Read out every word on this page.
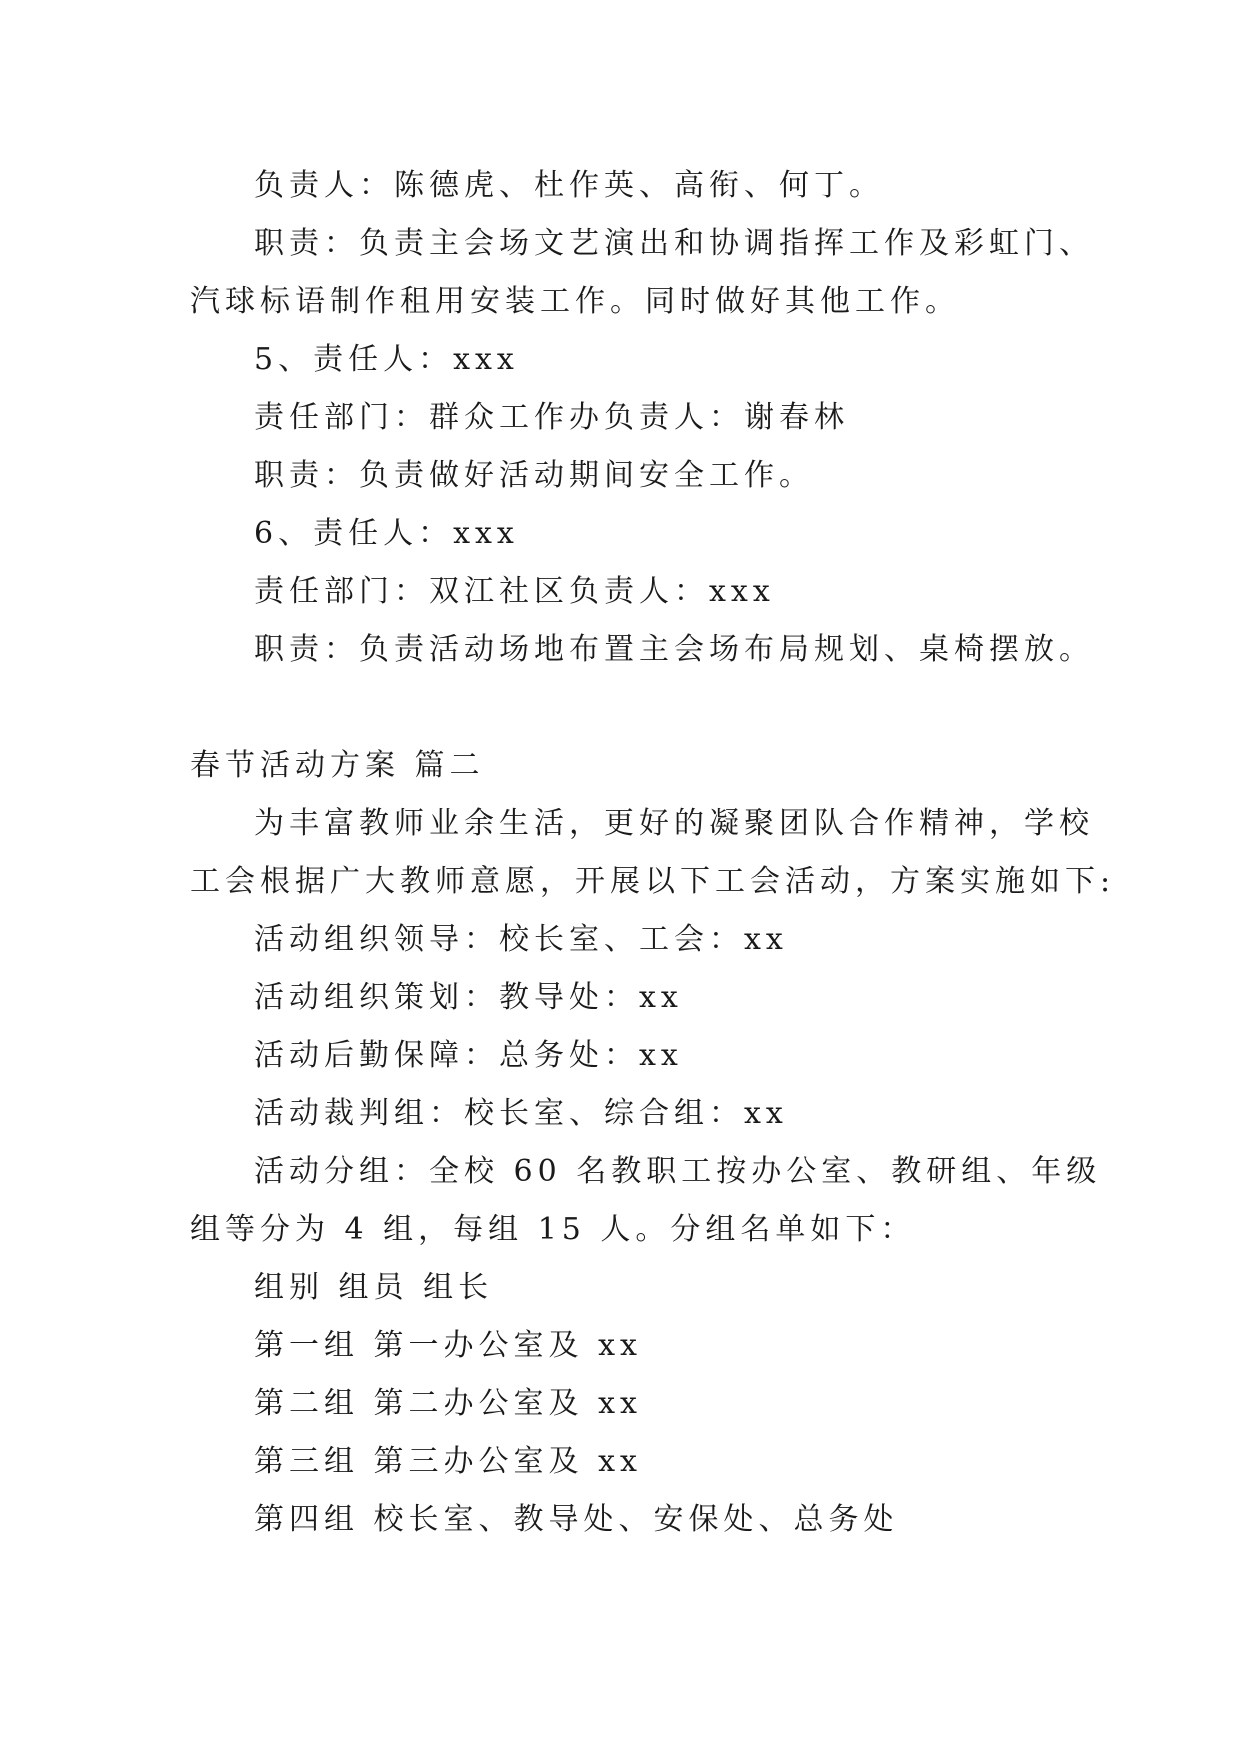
负责人：陈德虎、杜作英、高衔、何丁。
职责：负责主会场文艺演出和协调指挥工作及彩虹门、
汽球标语制作租用安装工作。同时做好其他工作。
5、责任人：xxx
责任部门：群众工作办负责人：谢春林
职责：负责做好活动期间安全工作。
6、责任人：xxx
责任部门：双江社区负责人：xxx
职责：负责活动场地布置主会场布局规划、桌椅摆放。
春节活动方案 篇二
为丰富教师业余生活，更好的凝聚团队合作精神，学校
工会根据广大教师意愿，开展以下工会活动，方案实施如下:
活动组织领导：校长室、工会：xx
活动组织策划：教导处：xx
活动后勤保障：总务处：xx
活动裁判组：校长室、综合组：xx
活动分组：全校 60 名教职工按办公室、教研组、年级
组等分为 4 组，每组 15 人。分组名单如下：
组别 组员 组长
第一组 第一办公室及 xx
第二组 第二办公室及 xx
第三组 第三办公室及 xx
第四组 校长室、教导处、安保处、总务处
